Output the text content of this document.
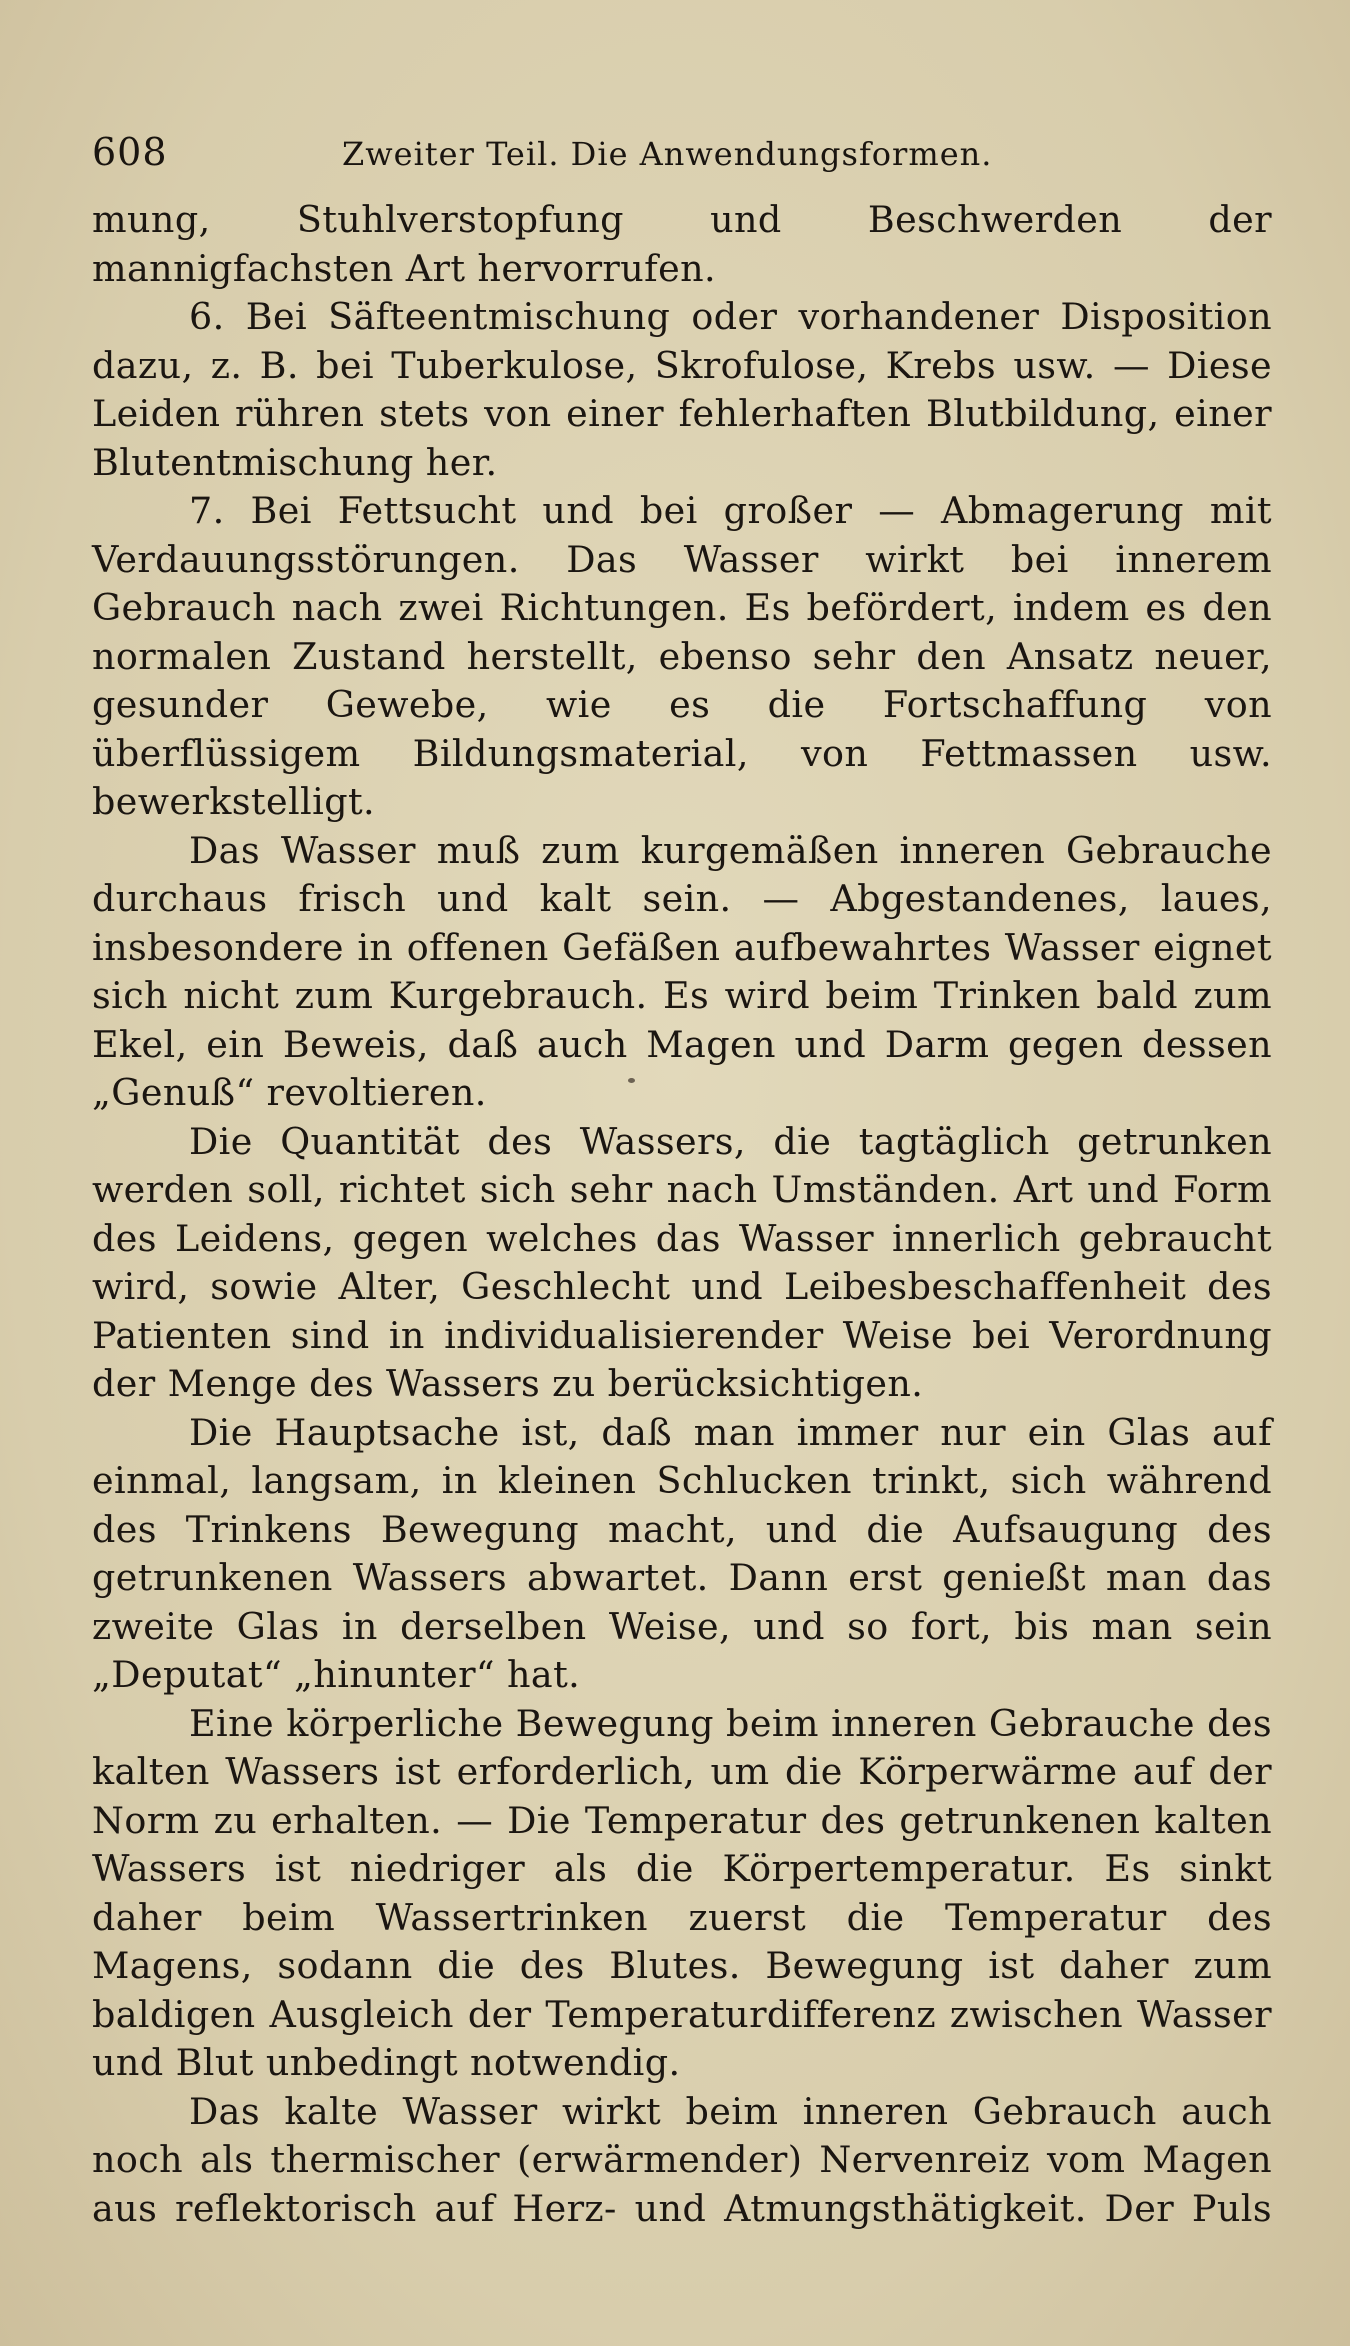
608	Zweiter Teil. Die Anwendungsformen.

mung, Stuhlverstopfung und Beschwerden der mannigfachsten Art hervorrufen.

6. Bei Säfteentmischung oder vorhandener Disposition dazu, z. B. bei Tuberkulose, Skrofulose, Krebs usw. — Diese Leiden rühren stets von einer fehlerhaften Blutbildung, einer Blutentmischung her.

7. Bei Fettsucht und bei großer — Abmagerung mit Verdauungsstörungen. Das Wasser wirkt bei innerem Gebrauch nach zwei Richtungen. Es befördert, indem es den normalen Zustand herstellt, ebenso sehr den Ansatz neuer, gesunder Gewebe, wie es die Fortschaffung von überflüssigem Bildungsmaterial, von Fettmassen usw. bewerkstelligt.

Das Wasser muß zum kurgemäßen inneren Gebrauche durchaus frisch und kalt sein. — Abgestandenes, laues, insbesondere in offenen Gefäßen aufbewahrtes Wasser eignet sich nicht zum Kurgebrauch. Es wird beim Trinken bald zum Ekel, ein Beweis, daß auch Magen und Darm gegen dessen „Genuß“ revoltieren.

Die Quantität des Wassers, die tagtäglich getrunken werden soll, richtet sich sehr nach Umständen. Art und Form des Leidens, gegen welches das Wasser innerlich gebraucht wird, sowie Alter, Geschlecht und Leibesbeschaffenheit des Patienten sind in individualisierender Weise bei Verordnung der Menge des Wassers zu berücksichtigen.

Die Hauptsache ist, daß man immer nur ein Glas auf einmal, langsam, in kleinen Schlucken trinkt, sich während des Trinkens Bewegung macht, und die Aufsaugung des getrunkenen Wassers abwartet. Dann erst genießt man das zweite Glas in derselben Weise, und so fort, bis man sein „Deputat“ „hinunter“ hat.

Eine körperliche Bewegung beim inneren Gebrauche des kalten Wassers ist erforderlich, um die Körperwärme auf der Norm zu erhalten. — Die Temperatur des getrunkenen kalten Wassers ist niedriger als die Körpertemperatur. Es sinkt daher beim Wassertrinken zuerst die Temperatur des Magens, sodann die des Blutes. Bewegung ist daher zum baldigen Ausgleich der Temperaturdifferenz zwischen Wasser und Blut unbedingt notwendig.

Das kalte Wasser wirkt beim inneren Gebrauch auch noch als thermischer (erwärmender) Nervenreiz vom Magen aus reflektorisch auf Herz- und Atmungsthätigkeit. Der Puls
